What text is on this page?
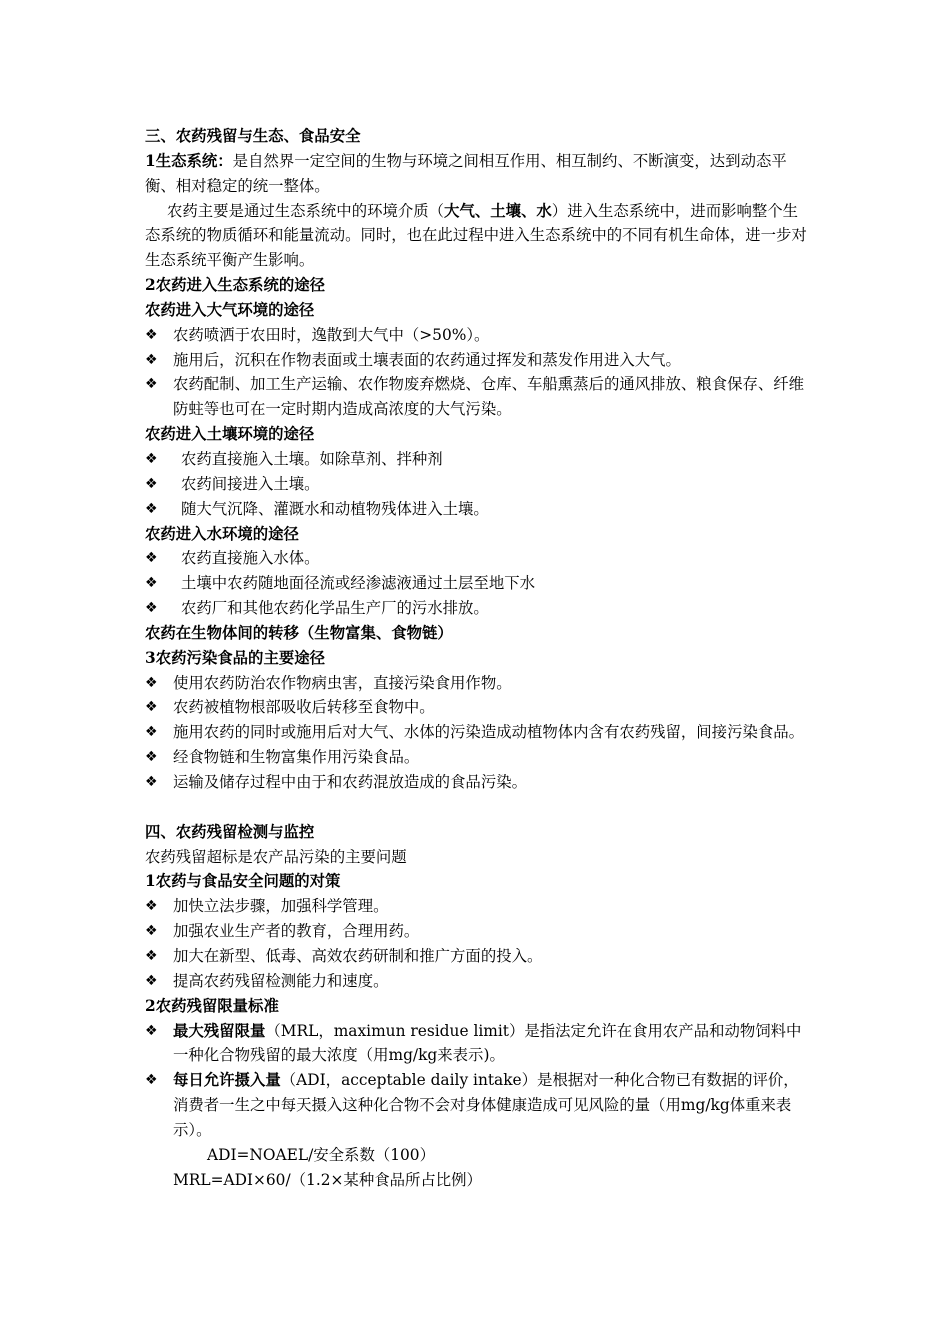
三、农药残留与生态、食品安全

1生态系统：是自然界一定空间的生物与环境之间相互作用、相互制约、不断演变，达到动态平衡、相对稳定的统一整体。

农药主要是通过生态系统中的环境介质（大气、土壤、水）进入生态系统中，进而影响整个生态系统的物质循环和能量流动。同时，也在此过程中进入生态系统中的不同有机生命体，进一步对生态系统平衡产生影响。

2农药进入生态系统的途径

农药进入大气环境的途径

❖ 农药喷洒于农田时，逸散到大气中（>50%）。
❖ 施用后，沉积在作物表面或土壤表面的农药通过挥发和蒸发作用进入大气。
❖ 农药配制、加工生产运输、农作物废弃燃烧、仓库、车船熏蒸后的通风排放、粮食保存、纤维防蛀等也可在一定时期内造成高浓度的大气污染。

农药进入土壤环境的途径

❖ 农药直接施入土壤。如除草剂、拌种剂
❖ 农药间接进入土壤。
❖ 随大气沉降、灌溉水和动植物残体进入土壤。

农药进入水环境的途径

❖ 农药直接施入水体。
❖ 土壤中农药随地面径流或经渗滤液通过土层至地下水
❖ 农药厂和其他农药化学品生产厂的污水排放。

农药在生物体间的转移（生物富集、食物链）

3农药污染食品的主要途径

❖ 使用农药防治农作物病虫害，直接污染食用作物。
❖ 农药被植物根部吸收后转移至食物中。
❖ 施用农药的同时或施用后对大气、水体的污染造成动植物体内含有农药残留，间接污染食品。
❖ 经食物链和生物富集作用污染食品。
❖ 运输及储存过程中由于和农药混放造成的食品污染。

四、农药残留检测与监控

农药残留超标是农产品污染的主要问题

1农药与食品安全问题的对策

❖ 加快立法步骤，加强科学管理。
❖ 加强农业生产者的教育，合理用药。
❖ 加大在新型、低毒、高效农药研制和推广方面的投入。
❖ 提高农药残留检测能力和速度。

2农药残留限量标准

❖ 最大残留限量（MRL，maximun residue limit）是指法定允许在食用农产品和动物饲料中一种化合物残留的最大浓度（用mg/kg来表示)。
❖ 每日允许摄入量（ADI，acceptable daily intake）是根据对一种化合物已有数据的评价，消费者一生之中每天摄入这种化合物不会对身体健康造成可见风险的量（用mg/kg体重来表示）。

ADI=NOAEL/安全系数（100）

MRL=ADI×60/（1.2×某种食品所占比例）
